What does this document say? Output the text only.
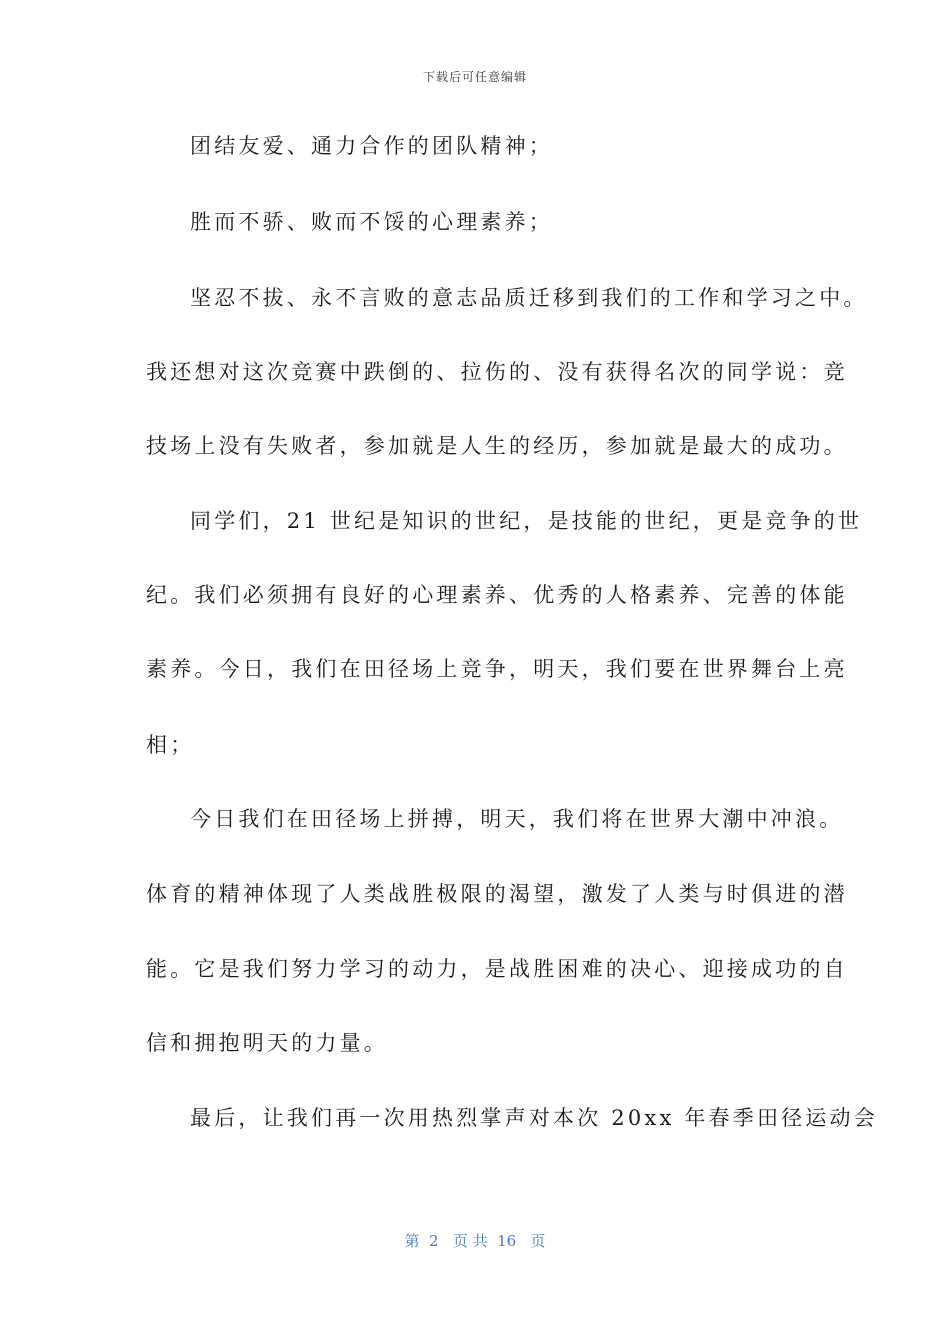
下载后可任意编辑
团结友爱、通力合作的团队精神；
胜而不骄、败而不馁的心理素养；
坚忍不拔、永不言败的意志品质迁移到我们的工作和学习之中。
我还想对这次竞赛中跌倒的、拉伤的、没有获得名次的同学说：竞
技场上没有失败者，参加就是人生的经历，参加就是最大的成功。
同学们，21 世纪是知识的世纪，是技能的世纪，更是竞争的世
纪。我们必须拥有良好的心理素养、优秀的人格素养、完善的体能
素养。今日，我们在田径场上竞争，明天，我们要在世界舞台上亮
相；
今日我们在田径场上拼搏，明天，我们将在世界大潮中冲浪。
体育的精神体现了人类战胜极限的渴望，激发了人类与时俱进的潜
能。它是我们努力学习的动力，是战胜困难的决心、迎接成功的自
信和拥抱明天的力量。
最后，让我们再一次用热烈掌声对本次 20xx 年春季田径运动会
第  2   页 共  16   页
